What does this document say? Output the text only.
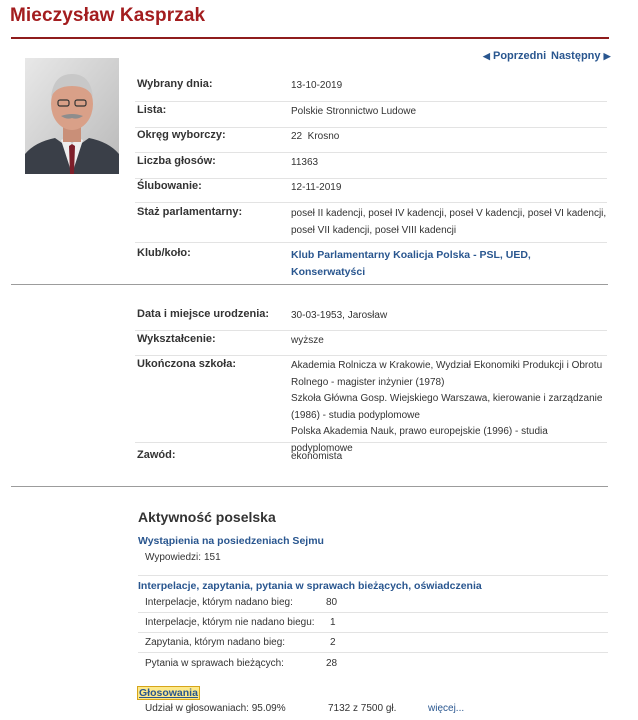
Mieczysław Kasprzak
◀ Poprzedni Następny ▶
Wybrany dnia:	13-10-2019
Lista:	Polskie Stronnictwo Ludowe
Okręg wyborczy:	22  Krosno
Liczba głosów:	11363
Ślubowanie:	12-11-2019
Staż parlamentarny:	poseł II kadencji, poseł IV kadencji, poseł V kadencji, poseł VI kadencji, poseł VII kadencji, poseł VIII kadencji
Klub/koło:	Klub Parlamentarny Koalicja Polska - PSL, UED, Konserwatyści
Data i miejsce urodzenia: 30-03-1953, Jarosław
Wykształcenie:	wyższe
Ukończona szkoła:	Akademia Rolnicza w Krakowie, Wydział Ekonomiki Produkcji i Obrotu
Rolnego - magister inżynier (1978)
Szkoła Główna Gosp. Wiejskiego Warszawa, kierowanie i zarządzanie
(1986) - studia podyplomowe
Polska Akademia Nauk, prawo europejskie (1996) - studia podyplomowe
Zawód:	ekonomista
Aktywność poselska
Wystąpienia na posiedzeniach Sejmu
Wypowiedzi: 151
Interpelacje, zapytania, pytania w sprawach bieżących, oświadczenia
Interpelacje, którym nadano bieg:	80
Interpelacje, którym nie nadano biegu: 1
Zapytania, którym nadano bieg:	2
Pytania w sprawach bieżących:	28
Głosowania
Udział w głosowaniach: 95.09%	7132 z 7500 gł.	więcej...
